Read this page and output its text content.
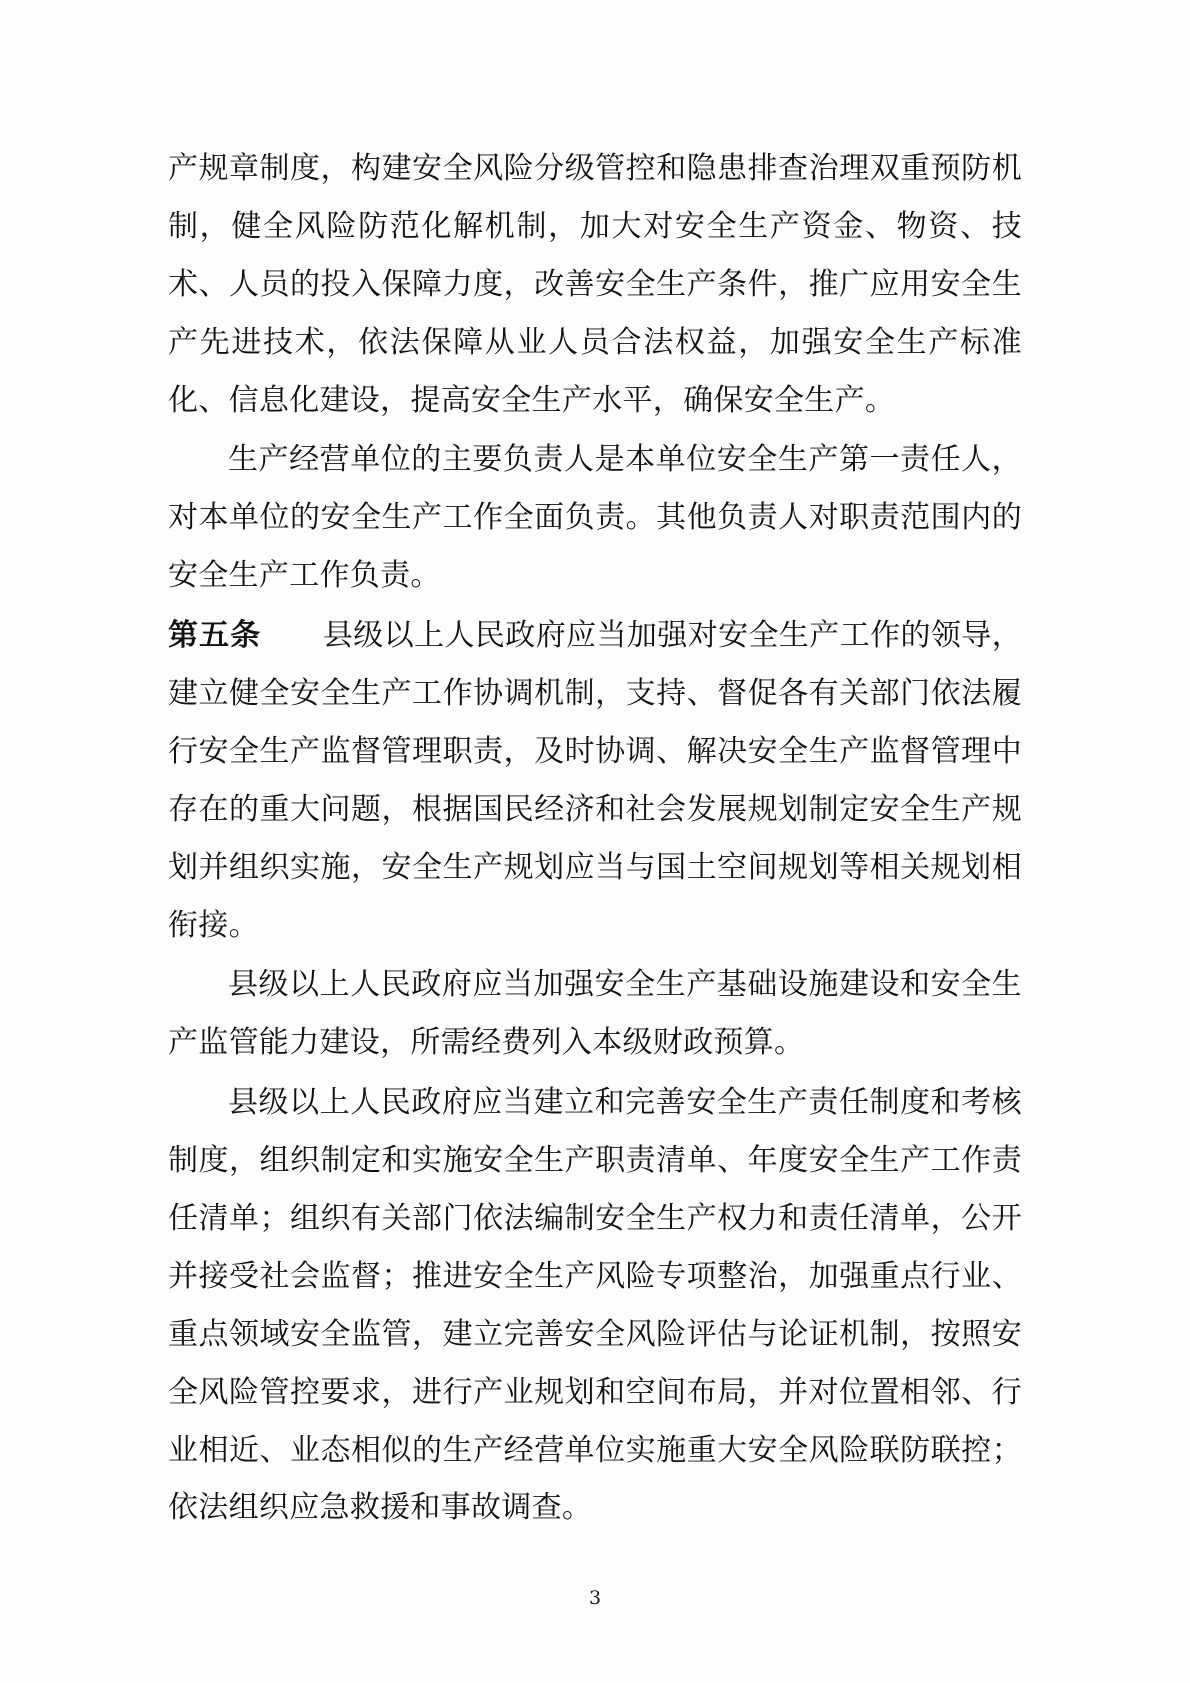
产规章制度，构建安全风险分级管控和隐患排查治理双重预防机制，健全风险防范化解机制，加大对安全生产资金、物资、技术、人员的投入保障力度，改善安全生产条件，推广应用安全生产先进技术，依法保障从业人员合法权益，加强安全生产标准化、信息化建设，提高安全生产水平，确保安全生产。

生产经营单位的主要负责人是本单位安全生产第一责任人，对本单位的安全生产工作全面负责。其他负责人对职责范围内的安全生产工作负责。

第五条 县级以上人民政府应当加强对安全生产工作的领导，建立健全安全生产工作协调机制，支持、督促各有关部门依法履行安全生产监督管理职责，及时协调、解决安全生产监督管理中存在的重大问题，根据国民经济和社会发展规划制定安全生产规划并组织实施，安全生产规划应当与国土空间规划等相关规划相衔接。

县级以上人民政府应当加强安全生产基础设施建设和安全生产监管能力建设，所需经费列入本级财政预算。

县级以上人民政府应当建立和完善安全生产责任制度和考核制度，组织制定和实施安全生产职责清单、年度安全生产工作责任清单；组织有关部门依法编制安全生产权力和责任清单，公开并接受社会监督；推进安全生产风险专项整治，加强重点行业、重点领域安全监管，建立完善安全风险评估与论证机制，按照安全风险管控要求，进行产业规划和空间布局，并对位置相邻、行业相近、业态相似的生产经营单位实施重大安全风险联防联控；依法组织应急救援和事故调查。

3
